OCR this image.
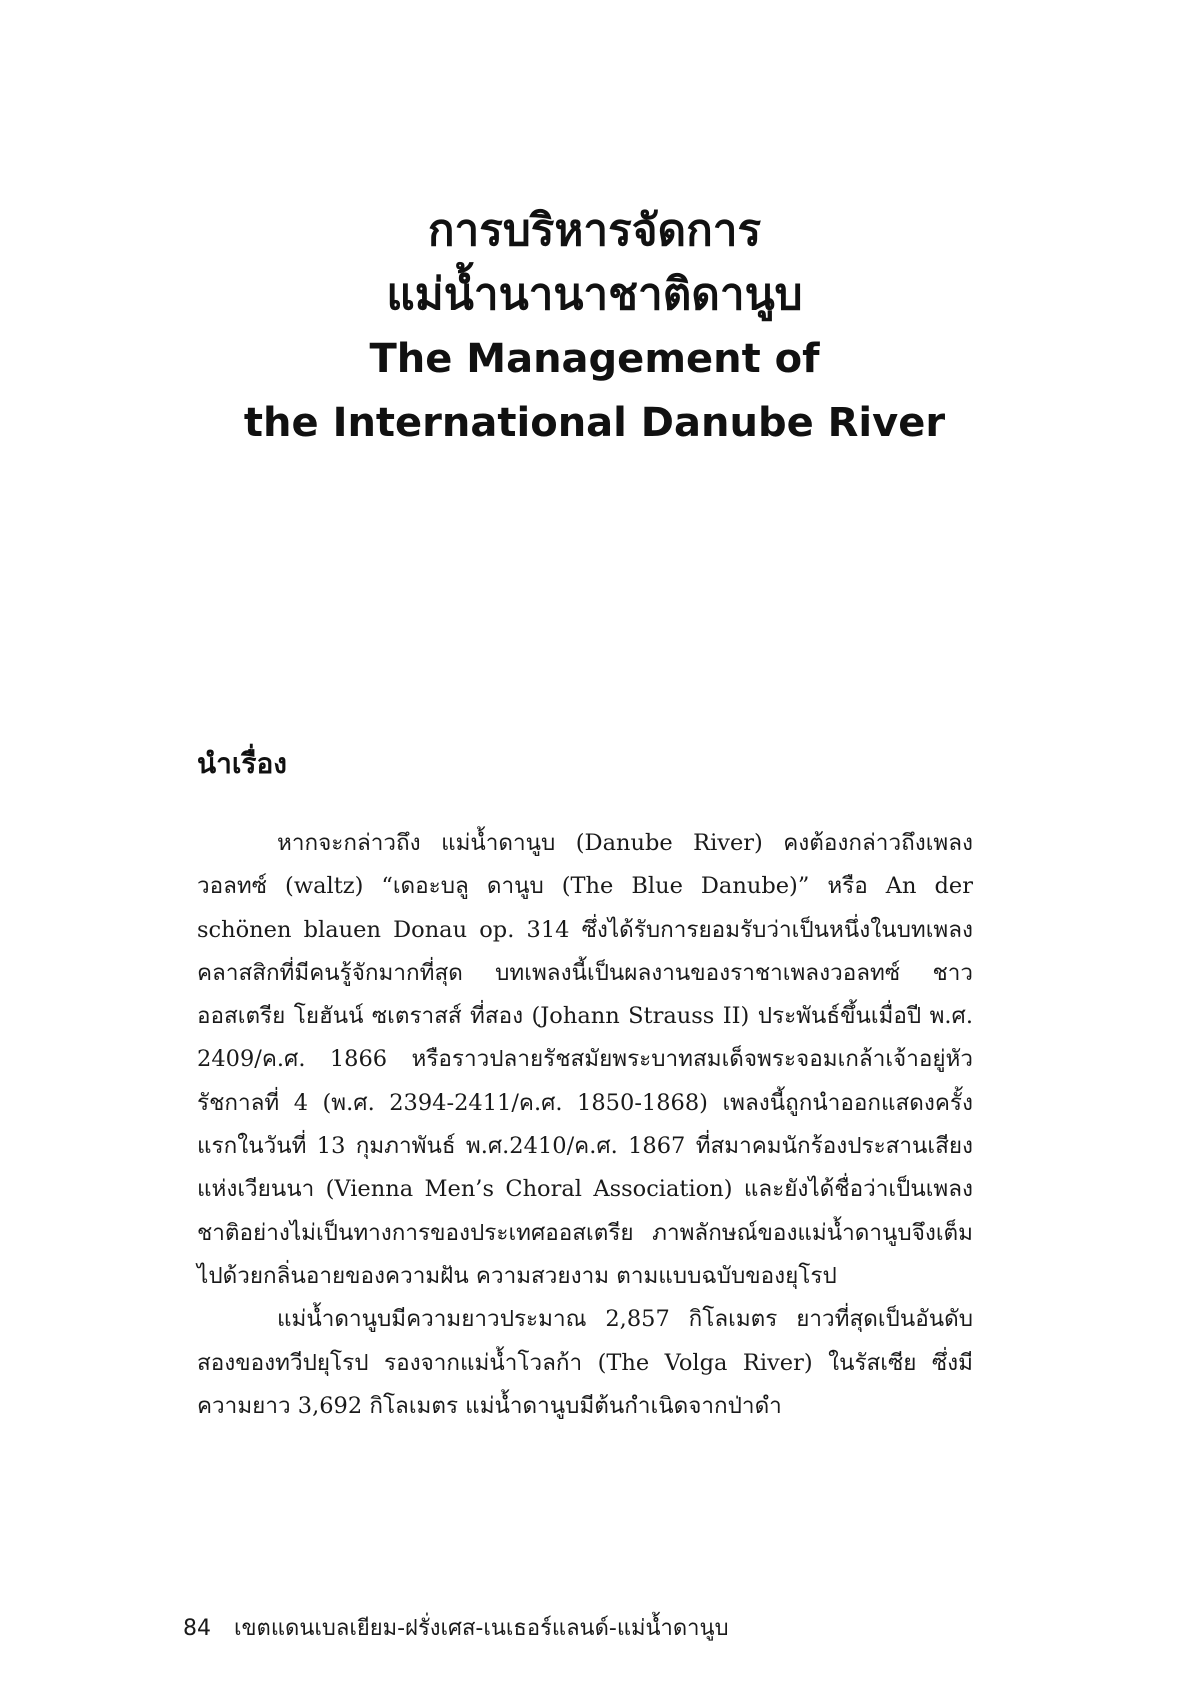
การบริหารจัดการ
แม่น้ำนานาชาติดานูบ
The Management of
the International Danube River
นำเรื่อง

หากจะกล่าวถึง แม่น้ำดานูบ (Danube River) คงต้องกล่าวถึงเพลงวอลทซ์ (waltz) “เดอะบลู ดานูบ (The Blue Danube)” หรือ An der schönen blauen Donau op. 314 ซึ่งได้รับการยอมรับว่าเป็นหนึ่งในบทเพลงคลาสสิกที่มีคนรู้จักมากที่สุด บทเพลงนี้เป็นผลงานของราชาเพลงวอลทซ์ ชาวออสเตรีย โยฮันน์ ซเตราสส์ ที่สอง (Johann Strauss II) ประพันธ์ขึ้นเมื่อปี พ.ศ. 2409/ค.ศ. 1866 หรือราวปลายรัชสมัยพระบาทสมเด็จพระจอมเกล้าเจ้าอยู่หัว รัชกาลที่ 4 (พ.ศ. 2394-2411/ค.ศ. 1850-1868) เพลงนี้ถูกนำออกแสดงครั้งแรกในวันที่ 13 กุมภาพันธ์ พ.ศ.2410/ค.ศ. 1867 ที่สมาคมนักร้องประสานเสียงแห่งเวียนนา (Vienna Men’s Choral Association) และยังได้ชื่อว่าเป็นเพลงชาติอย่างไม่เป็นทางการของประเทศออสเตรีย ภาพลักษณ์ของแม่น้ำดานูบจึงเต็มไปด้วยกลิ่นอายของความฝัน ความสวยงาม ตามแบบฉบับของยุโรป

แม่น้ำดานูบมีความยาวประมาณ 2,857 กิโลเมตร ยาวที่สุดเป็นอันดับสองของทวีปยุโรป รองจากแม่น้ำโวลก้า (The Volga River) ในรัสเซีย ซึ่งมีความยาว 3,692 กิโลเมตร แม่น้ำดานูบมีต้นกำเนิดจากป่าดำ

84 เขตแดนเบลเยียม-ฝรั่งเศส-เนเธอร์แลนด์-แม่น้ำดานูบ
